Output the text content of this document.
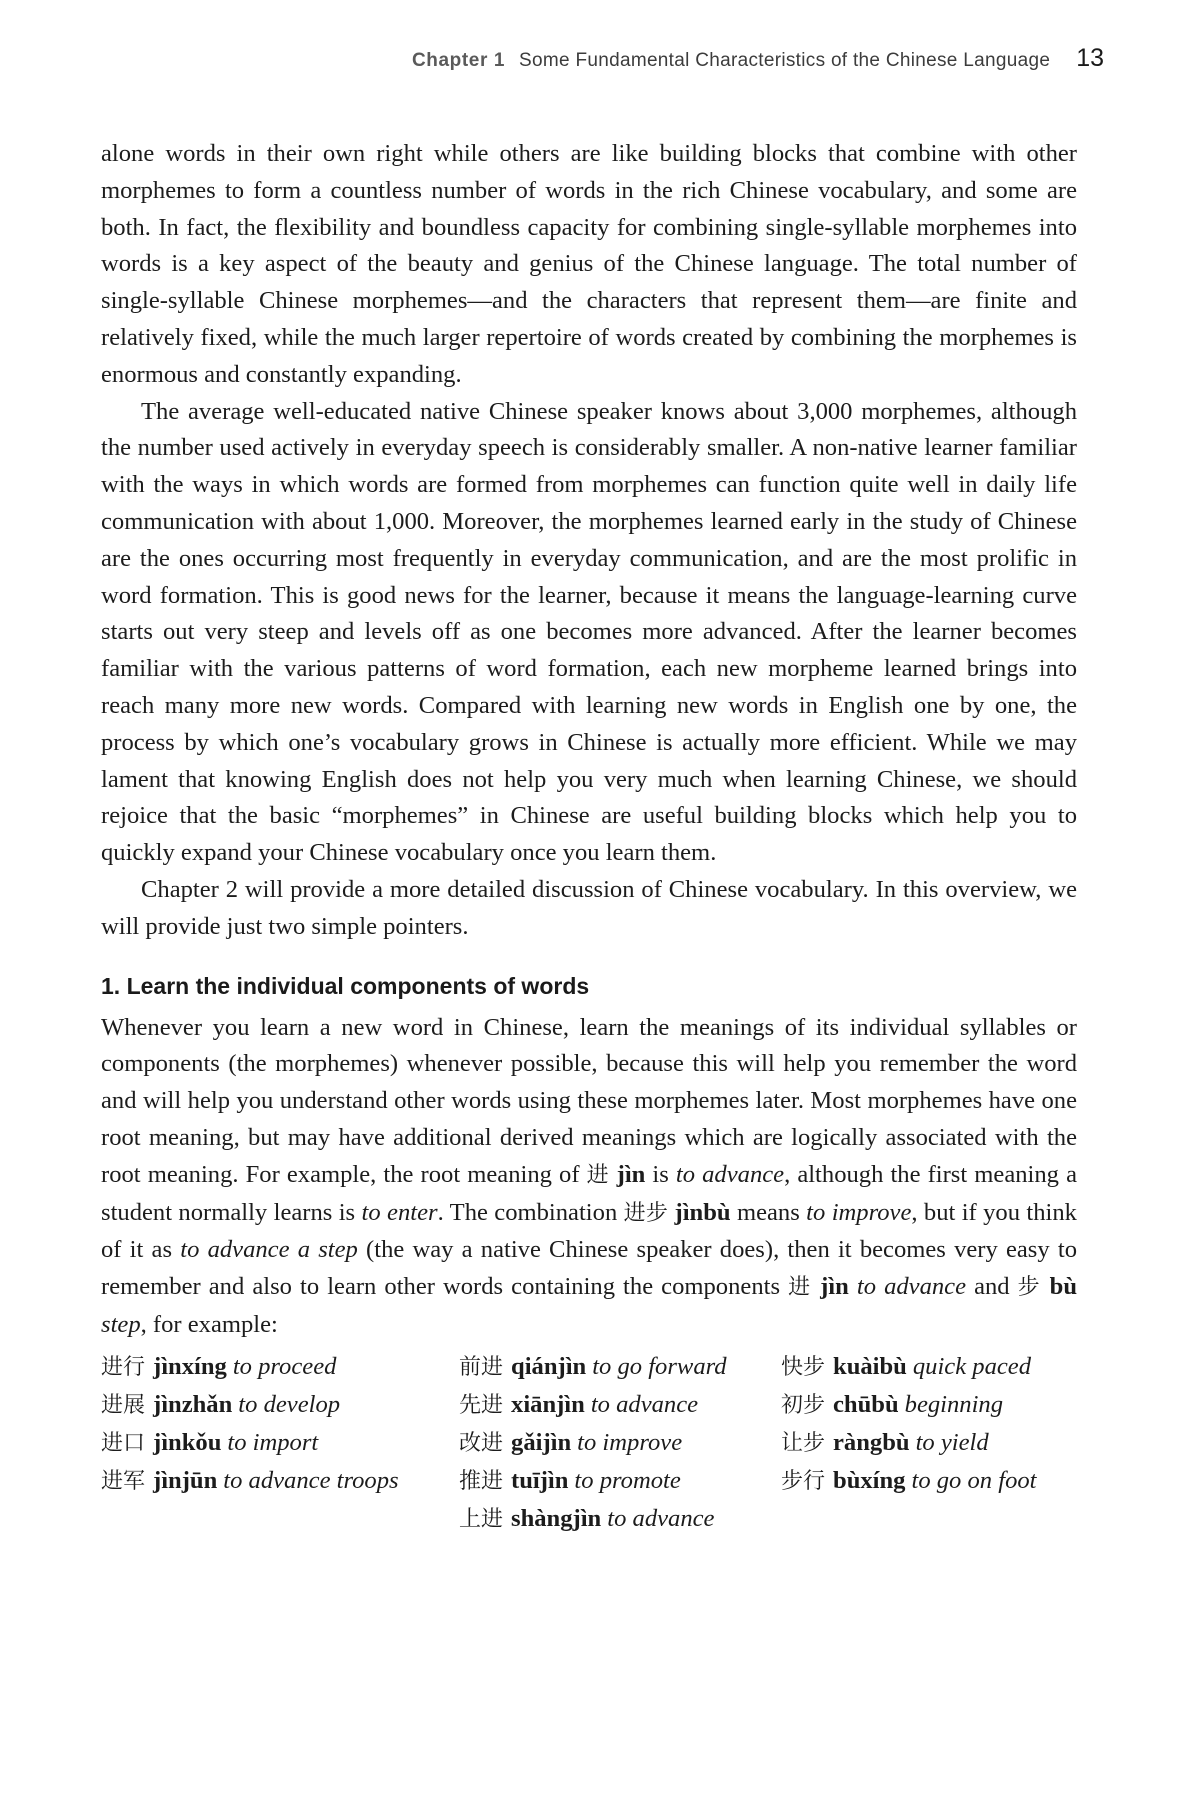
Chapter 1 Some Fundamental Characteristics of the Chinese Language 13

alone words in their own right while others are like building blocks that combine with other morphemes to form a countless number of words in the rich Chinese vocabulary, and some are both. In fact, the flexibility and boundless capacity for combining single-syllable morphemes into words is a key aspect of the beauty and genius of the Chinese language. The total number of single-syllable Chinese morphemes—and the characters that represent them—are finite and relatively fixed, while the much larger repertoire of words created by combining the morphemes is enormous and constantly expanding.

The average well-educated native Chinese speaker knows about 3,000 morphemes, although the number used actively in everyday speech is considerably smaller. A non-native learner familiar with the ways in which words are formed from morphemes can function quite well in daily life communication with about 1,000. Moreover, the morphemes learned early in the study of Chinese are the ones occurring most frequently in everyday communication, and are the most prolific in word formation. This is good news for the learner, because it means the language-learning curve starts out very steep and levels off as one becomes more advanced. After the learner becomes familiar with the various patterns of word formation, each new morpheme learned brings into reach many more new words. Compared with learning new words in English one by one, the process by which one’s vocabulary grows in Chinese is actually more efficient. While we may lament that knowing English does not help you very much when learning Chinese, we should rejoice that the basic “morphemes” in Chinese are useful building blocks which help you to quickly expand your Chinese vocabulary once you learn them.

Chapter 2 will provide a more detailed discussion of Chinese vocabulary. In this overview, we will provide just two simple pointers.

1. Learn the individual components of words

Whenever you learn a new word in Chinese, learn the meanings of its individual syllables or components (the morphemes) whenever possible, because this will help you remember the word and will help you understand other words using these morphemes later. Most morphemes have one root meaning, but may have additional derived meanings which are logically associated with the root meaning. For example, the root meaning of 进 jìn is to advance, although the first meaning a student normally learns is to enter. The combination 进步 jìnbù means to improve, but if you think of it as to advance a step (the way a native Chinese speaker does), then it becomes very easy to remember and also to learn other words containing the components 进 jìn to advance and 步 bù step, for example:

进行 jìnxíng to proceed
进展 jìnzhǎn to develop
进口 jìnkǒu to import
进军 jìnjūn to advance troops
前进 qiánjìn to go forward
先进 xiānjìn to advance
改进 gǎijìn to improve
推进 tuījìn to promote
上进 shàngjìn to advance
快步 kuàibù quick paced
初步 chūbù beginning
让步 ràngbù to yield
步行 bùxíng to go on foot
